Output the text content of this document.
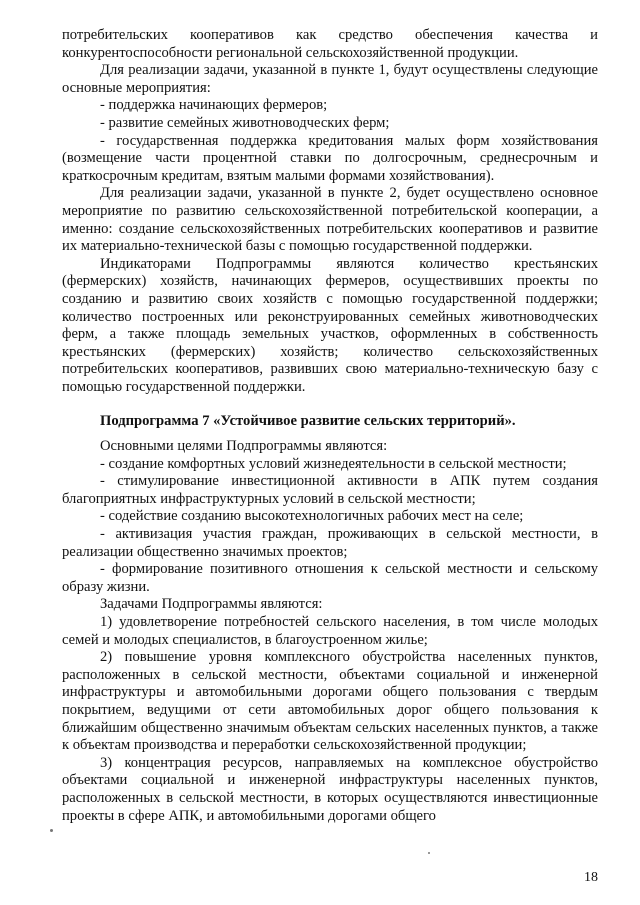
потребительских кооперативов как средство обеспечения качества и конкурентоспособности региональной сельскохозяйственной продукции.

Для реализации задачи, указанной в пункте 1, будут осуществлены следующие основные мероприятия:

- поддержка начинающих фермеров;

- развитие семейных животноводческих ферм;

- государственная поддержка кредитования малых форм хозяйствования (возмещение части процентной ставки по долгосрочным, среднесрочным и краткосрочным кредитам, взятым малыми формами хозяйствования).

Для реализации задачи, указанной в пункте 2, будет осуществлено основное мероприятие по развитию сельскохозяйственной потребительской кооперации, а именно: создание сельскохозяйственных потребительских кооперативов и развитие их материально-технической базы с помощью государственной поддержки.

Индикаторами Подпрограммы являются количество крестьянских (фермерских) хозяйств, начинающих фермеров, осуществивших проекты по созданию и развитию своих хозяйств с помощью государственной поддержки; количество построенных или реконструированных семейных животноводческих ферм, а также площадь земельных участков, оформленных в собственность крестьянских (фермерских) хозяйств; количество сельскохозяйственных потребительских кооперативов, развивших свою материально-техническую базу с помощью государственной поддержки.

Подпрограмма 7 «Устойчивое развитие сельских территорий».

Основными целями Подпрограммы являются:

- создание комфортных условий жизнедеятельности в сельской местности;

- стимулирование инвестиционной активности в АПК путем создания благоприятных инфраструктурных условий в сельской местности;

- содействие созданию высокотехнологичных рабочих мест на селе;

- активизация участия граждан, проживающих в сельской местности, в реализации общественно значимых проектов;

- формирование позитивного отношения к сельской местности и сельскому образу жизни.

Задачами Подпрограммы являются:

1) удовлетворение потребностей сельского населения, в том числе молодых семей и молодых специалистов, в благоустроенном жилье;

2) повышение уровня комплексного обустройства населенных пунктов, расположенных в сельской местности, объектами социальной и инженерной инфраструктуры и автомобильными дорогами общего пользования с твердым покрытием, ведущими от сети автомобильных дорог общего пользования к ближайшим общественно значимым объектам сельских населенных пунктов, а также к объектам производства и переработки сельскохозяйственной продукции;

3) концентрация ресурсов, направляемых на комплексное обустройство объектами социальной и инженерной инфраструктуры населенных пунктов, расположенных в сельской местности, в которых осуществляются инвестиционные проекты в сфере АПК, и автомобильными дорогами общего

18
